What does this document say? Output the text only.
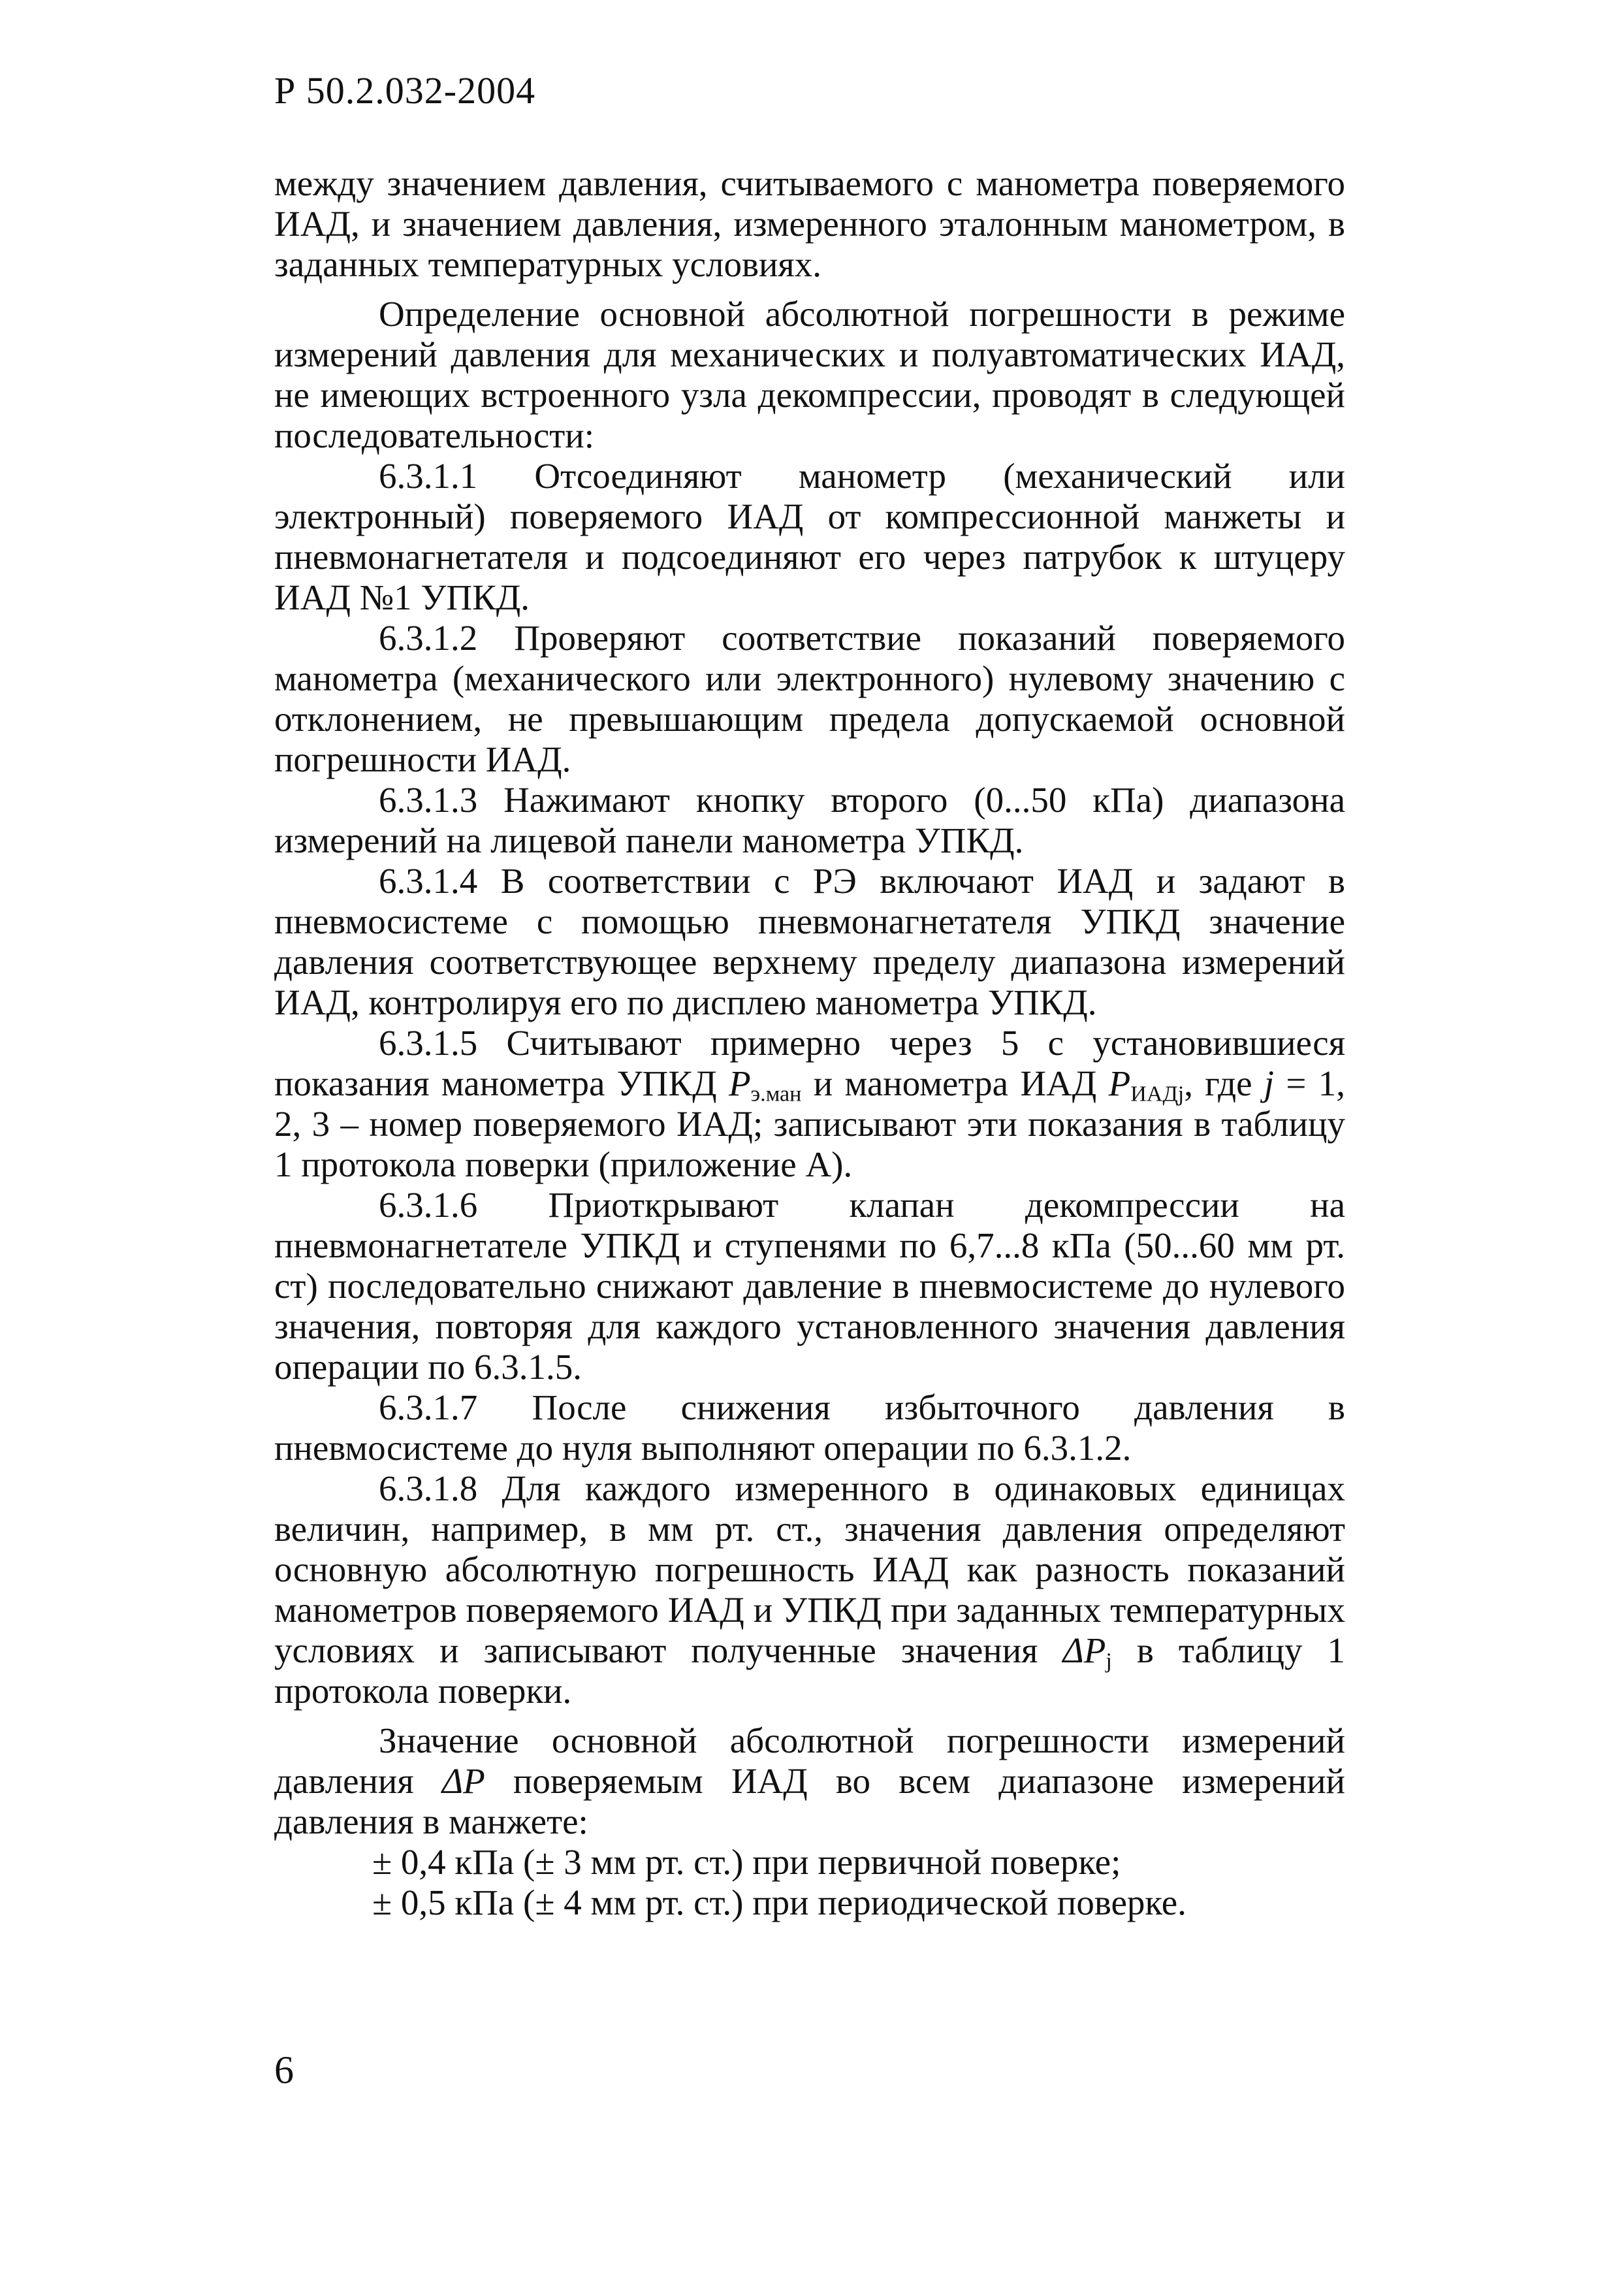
Р 50.2.032-2004

между значением давления, считываемого с манометра поверяемого ИАД, и значением давления, измеренного эталонным манометром, в заданных температурных условиях.

Определение основной абсолютной погрешности в режиме измерений давления для механических и полуавтоматических ИАД, не имеющих встроенного узла декомпрессии, проводят в следующей последовательности:

6.3.1.1 Отсоединяют манометр (механический или электронный) поверяемого ИАД от компрессионной манжеты и пневмонагнетателя и подсоединяют его через патрубок к штуцеру ИАД №1 УПКД.

6.3.1.2 Проверяют соответствие показаний поверяемого манометра (механического или электронного) нулевому значению с отклонением, не превышающим предела допускаемой основной погрешности ИАД.

6.3.1.3 Нажимают кнопку второго (0...50 кПа) диапазона измерений на лицевой панели манометра УПКД.

6.3.1.4 В соответствии с РЭ включают ИАД и задают в пневмосистеме с помощью пневмонагнетателя УПКД значение давления соответствующее верхнему пределу диапазона измерений ИАД, контролируя его по дисплею манометра УПКД.

6.3.1.5 Считывают примерно через 5 с установившиеся показания манометра УПКД $P_{э.ман}$ и манометра ИАД $P_{ИАДj}$, где j = 1, 2, 3 – номер поверяемого ИАД; записывают эти показания в таблицу 1 протокола поверки (приложение А).

6.3.1.6 Приоткрывают клапан декомпрессии на пневмонагнетателе УПКД и ступенями по 6,7...8 кПа (50...60 мм рт. ст) последовательно снижают давление в пневмосистеме до нулевого значения, повторяя для каждого установленного значения давления операции по 6.3.1.5.

6.3.1.7 После снижения избыточного давления в пневмосистеме до нуля выполняют операции по 6.3.1.2.

6.3.1.8 Для каждого измеренного в одинаковых единицах величин, например, в мм рт. ст., значения давления определяют основную абсолютную погрешность ИАД как разность показаний манометров поверяемого ИАД и УПКД при заданных температурных условиях и записывают полученные значения $\Delta P_j$ в таблицу 1 протокола поверки.

Значение основной абсолютной погрешности измерений давления ΔP поверяемым ИАД во всем диапазоне измерений давления в манжете:

± 0,4 кПа (± 3 мм рт. ст.) при первичной поверке;

± 0,5 кПа (± 4 мм рт. ст.) при периодической поверке.

6
